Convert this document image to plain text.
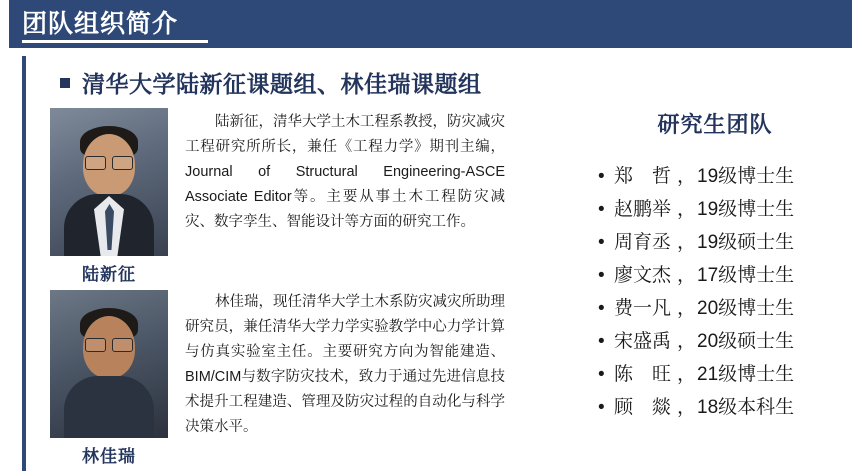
团队组织简介
清华大学陆新征课题组、林佳瑞课题组
陆新征
林佳瑞
陆新征，清华大学土木工程系教授，防灾减灾工程研究所所长，兼任《工程力学》期刊主编，Journal of Structural Engineering-ASCE Associate Editor等。主要从事土木工程防灾减灾、数字孪生、智能设计等方面的研究工作。
林佳瑞，现任清华大学土木系防灾减灾所助理研究员，兼任清华大学力学实验教学中心力学计算与仿真实验室主任。主要研究方向为智能建造、BIM/CIM与数字防灾技术，致力于通过先进信息技术提升工程建造、管理及防灾过程的自动化与科学决策水平。
研究生团队
• 郑　哲 ， 19级博士生
• 赵鹏举 ， 19级博士生
• 周育丞 ， 19级硕士生
• 廖文杰 ， 17级博士生
• 费一凡 ， 20级博士生
• 宋盛禹 ， 20级硕士生
• 陈　旺 ， 21级博士生
• 顾　燚 ， 18级本科生
